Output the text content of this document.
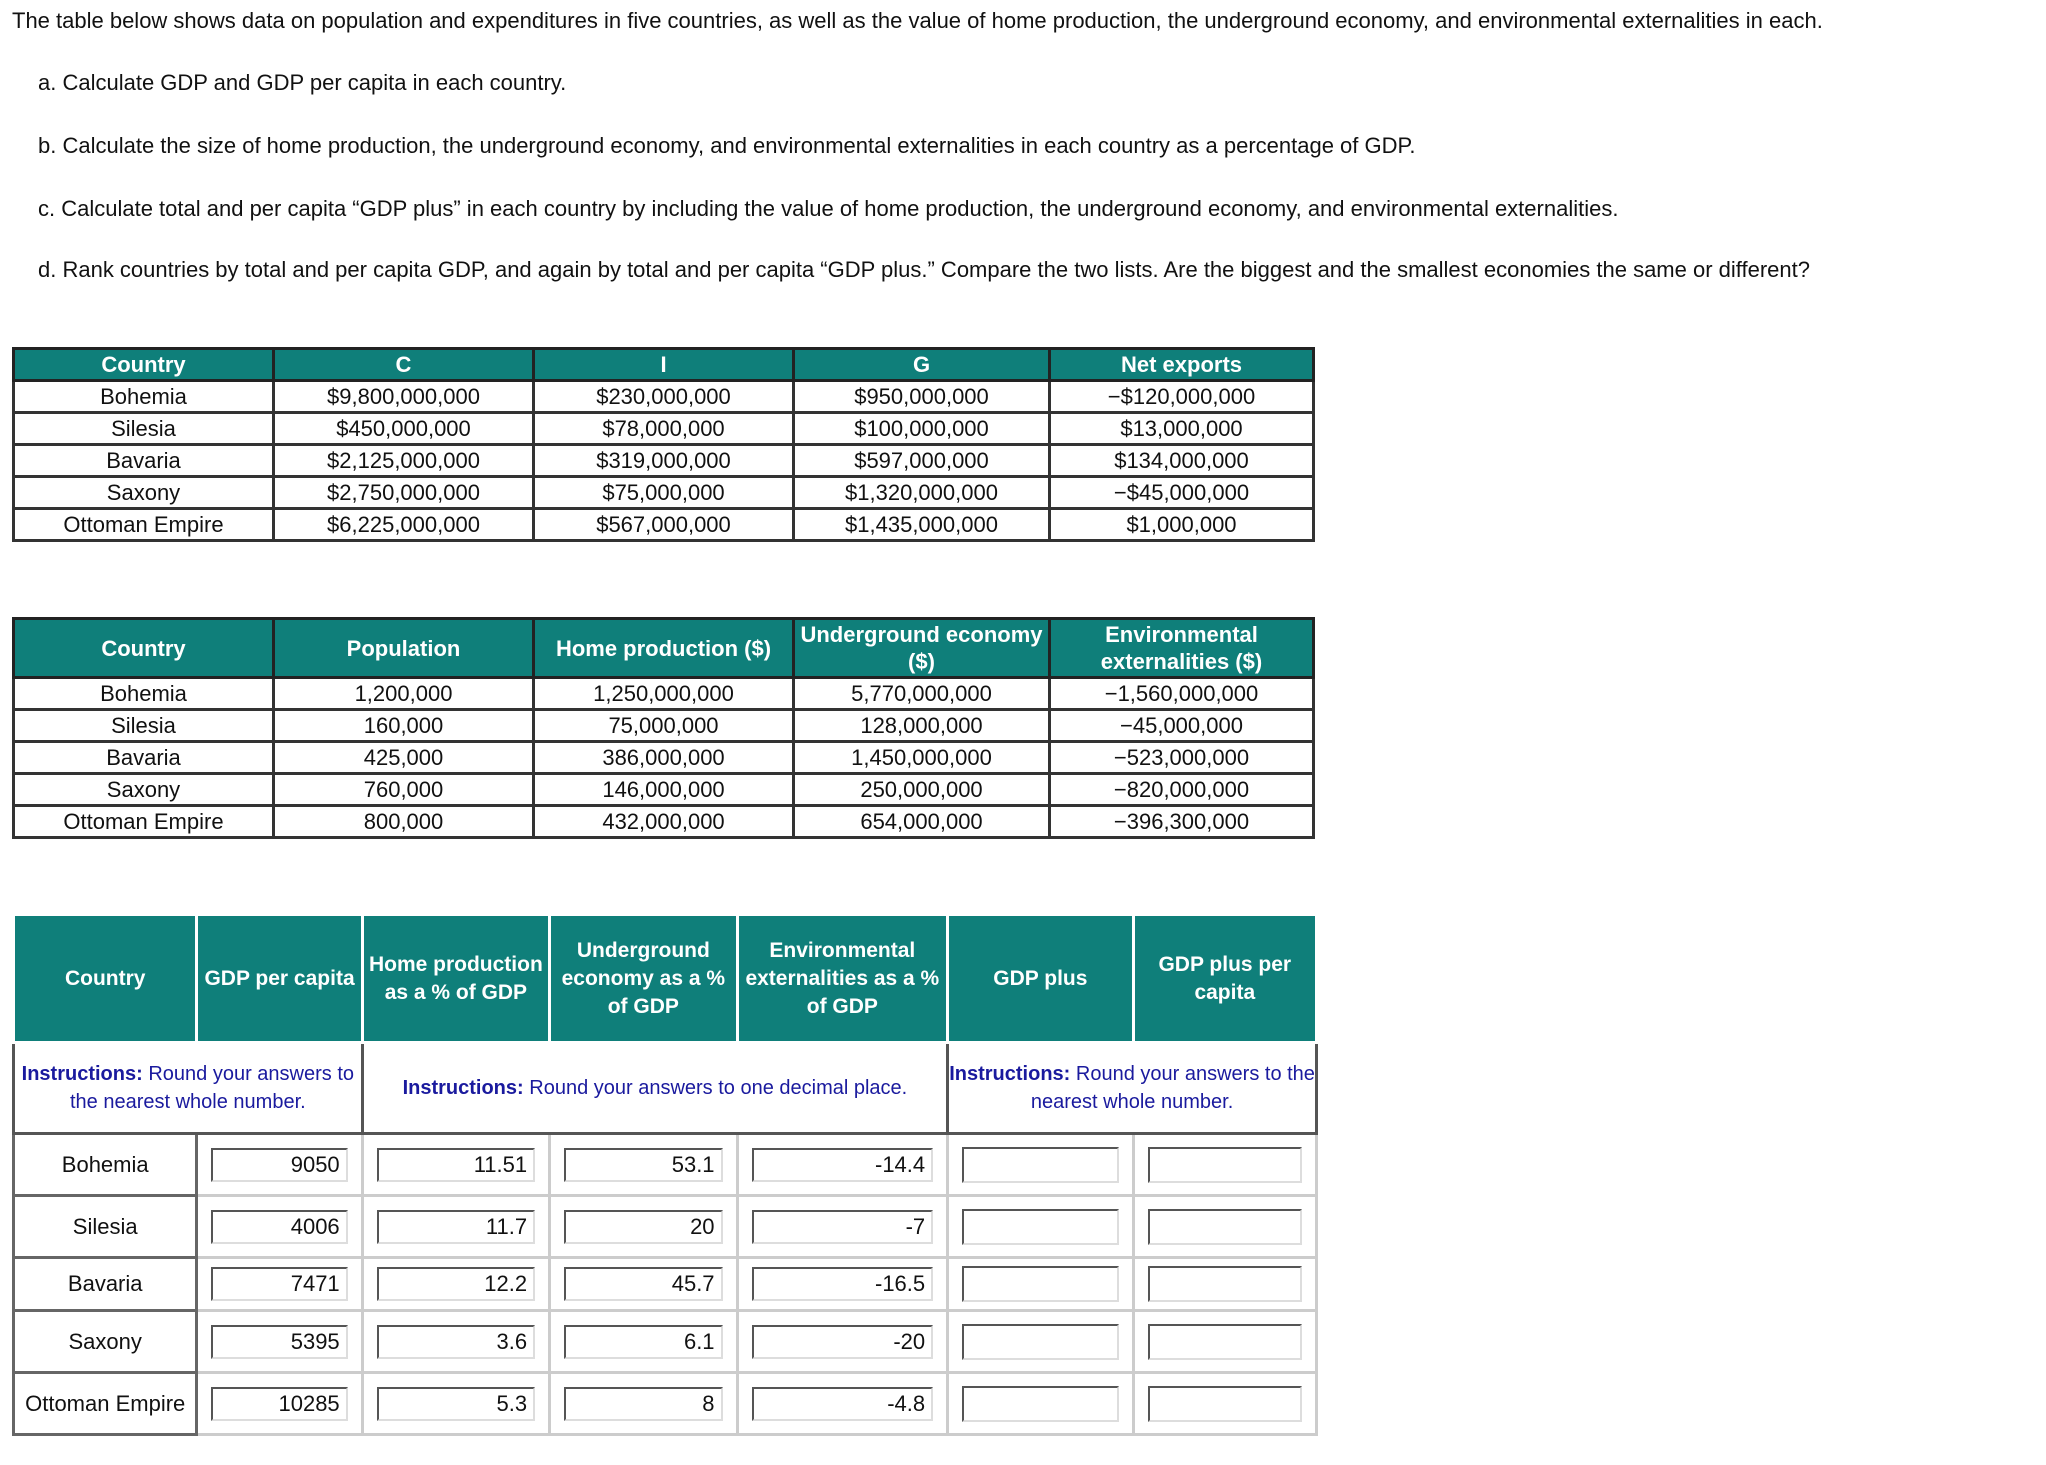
The table below shows data on population and expenditures in five countries, as well as the value of home production, the underground economy, and environmental externalities in each.

a. Calculate GDP and GDP per capita in each country.

b. Calculate the size of home production, the underground economy, and environmental externalities in each country as a percentage of GDP.

c. Calculate total and per capita “GDP plus” in each country by including the value of home production, the underground economy, and environmental externalities.

d. Rank countries by total and per capita GDP, and again by total and per capita “GDP plus.” Compare the two lists. Are the biggest and the smallest economies the same or different?

Country	C	I	G	Net exports
Bohemia	$9,800,000,000	$230,000,000	$950,000,000	−$120,000,000
Silesia	$450,000,000	$78,000,000	$100,000,000	$13,000,000
Bavaria	$2,125,000,000	$319,000,000	$597,000,000	$134,000,000
Saxony	$2,750,000,000	$75,000,000	$1,320,000,000	−$45,000,000
Ottoman Empire	$6,225,000,000	$567,000,000	$1,435,000,000	$1,000,000
Country	Population	Home production ($)	Underground economy ($)	Environmental externalities ($)
Bohemia	1,200,000	1,250,000,000	5,770,000,000	−1,560,000,000
Silesia	160,000	75,000,000	128,000,000	−45,000,000
Bavaria	425,000	386,000,000	1,450,000,000	−523,000,000
Saxony	760,000	146,000,000	250,000,000	−820,000,000
Ottoman Empire	800,000	432,000,000	654,000,000	−396,300,000
Country	GDP per capita	Home production as a % of GDP	Underground economy as a % of GDP	Environmental externalities as a % of GDP	GDP plus	GDP plus per capita
Instructions: Round your answers to the nearest whole number.		Instructions: Round your answers to one decimal place.			Instructions: Round your answers to the nearest whole number.	
Bohemia	9050	11.51	53.1	-14.4		

Silesia	4006	11.7	20	-7		

Bavaria	7471	12.2	45.7	-16.5		

Saxony	5395	3.6	6.1	-20		

Ottoman Empire	10285	5.3	8	-4.8		
